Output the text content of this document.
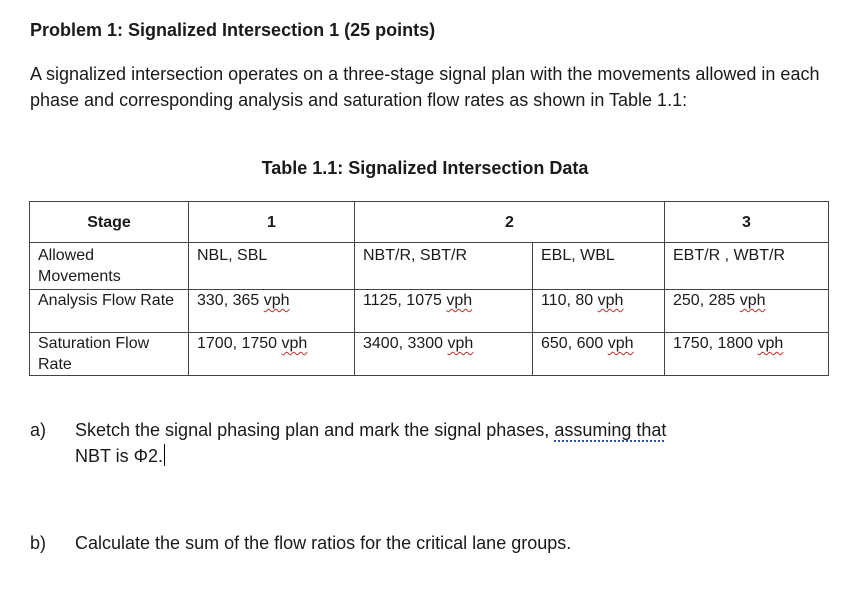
Problem 1: Signalized Intersection 1 (25 points)
A signalized intersection operates on a three-stage signal plan with the movements allowed in each phase and corresponding analysis and saturation flow rates as shown in Table 1.1:
Table 1.1: Signalized Intersection Data
Stage	1	2		3
Allowed Movements	NBL, SBL	NBT/R, SBT/R	EBL, WBL	EBT/R , WBT/R
Analysis Flow Rate	330, 365 vph	1125, 1075 vph	110, 80 vph	250, 285 vph
Saturation Flow Rate	1700, 1750 vph	3400, 3300 vph	650, 600 vph	1750, 1800 vph
a) Sketch the signal phasing plan and mark the signal phases, assuming that
NBT is Φ2.
b) Calculate the sum of the flow ratios for the critical lane groups.
